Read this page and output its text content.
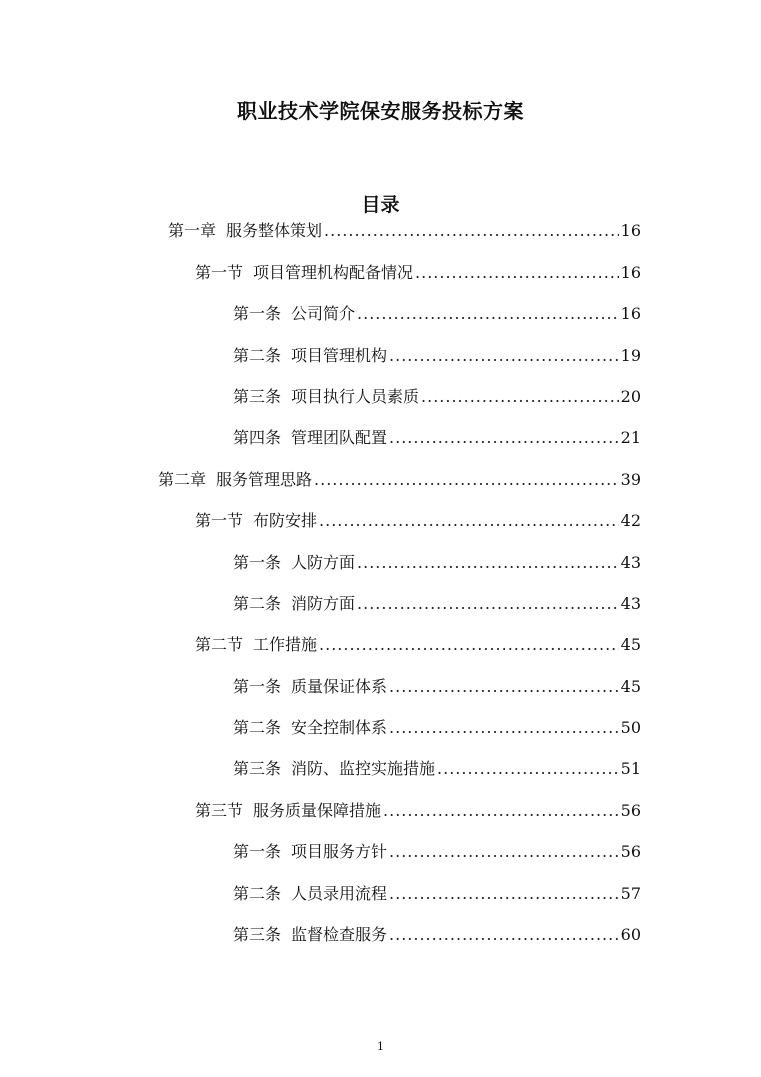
职业技术学院保安服务投标方案
目录
第一章 服务整体策划 .....	16
第一节 项目管理机构配备情况 .....	16
第一条 公司简介 .....	16
第二条 项目管理机构 .....	19
第三条 项目执行人员素质 .....	20
第四条 管理团队配置 .....	21
第二章 服务管理思路 .....	39
第一节 布防安排 .....	42
第一条 人防方面 .....	43
第二条 消防方面 .....	43
第二节 工作措施 .....	45
第一条 质量保证体系 .....	45
第二条 安全控制体系 .....	50
第三条 消防、监控实施措施 .....	51
第三节 服务质量保障措施 .....	56
第一条 项目服务方针 .....	56
第二条 人员录用流程 .....	57
第三条 监督检查服务 .....	60
1
